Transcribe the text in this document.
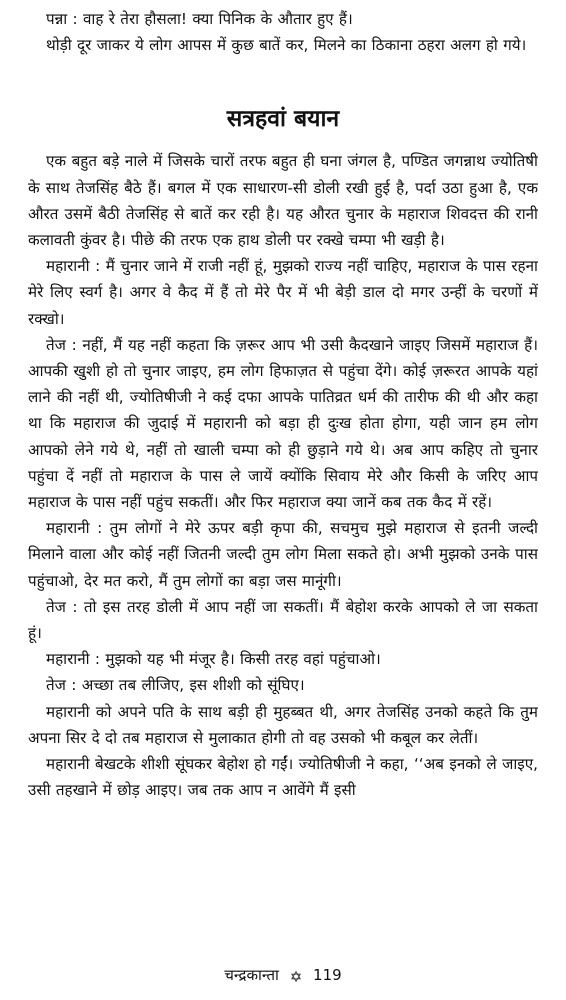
पन्ना : वाह रे तेरा हौसला! क्या पिनिक के औतार हुए हैं।

थोड़ी दूर जाकर ये लोग आपस में कुछ बातें कर, मिलने का ठिकाना ठहरा अलग हो गये।

सत्रहवां बयान

एक बहुत बड़े नाले में जिसके चारों तरफ बहुत ही घना जंगल है, पण्डित जगन्नाथ ज्योतिषी के साथ तेजसिंह बैठे हैं। बगल में एक साधारण-सी डोली रखी हुई है, पर्दा उठा हुआ है, एक औरत उसमें बैठी तेजसिंह से बातें कर रही है। यह औरत चुनार के महाराज शिवदत्त की रानी कलावती कुंवर है। पीछे की तरफ एक हाथ डोली पर रक्खे चम्पा भी खड़ी है।

महारानी : मैं चुनार जाने में राजी नहीं हूं, मुझको राज्य नहीं चाहिए, महाराज के पास रहना मेरे लिए स्वर्ग है। अगर वे कैद में हैं तो मेरे पैर में भी बेड़ी डाल दो मगर उन्हीं के चरणों में रक्खो।

तेज : नहीं, मैं यह नहीं कहता कि ज़रूर आप भी उसी कैदखाने जाइए जिसमें महाराज हैं। आपकी खुशी हो तो चुनार जाइए, हम लोग हिफाज़त से पहुंचा देंगे। कोई ज़रूरत आपके यहां लाने की नहीं थी, ज्योतिषीजी ने कई दफा आपके पातिव्रत धर्म की तारीफ की थी और कहा था कि महाराज की जुदाई में महारानी को बड़ा ही दुःख होता होगा, यही जान हम लोग आपको लेने गये थे, नहीं तो खाली चम्पा को ही छुड़ाने गये थे। अब आप कहिए तो चुनार पहुंचा दें नहीं तो महाराज के पास ले जायें क्योंकि सिवाय मेरे और किसी के जरिए आप महाराज के पास नहीं पहुंच सकतीं। और फिर महाराज क्या जानें कब तक कैद में रहें।

महारानी : तुम लोगों ने मेरे ऊपर बड़ी कृपा की, सचमुच मुझे महाराज से इतनी जल्दी मिलाने वाला और कोई नहीं जितनी जल्दी तुम लोग मिला सकते हो। अभी मुझको उनके पास पहुंचाओ, देर मत करो, मैं तुम लोगों का बड़ा जस मानूंगी।

तेज : तो इस तरह डोली में आप नहीं जा सकतीं। मैं बेहोश करके आपको ले जा सकता हूं।

महारानी : मुझको यह भी मंजूर है। किसी तरह वहां पहुंचाओ।

तेज : अच्छा तब लीजिए, इस शीशी को सूंघिए।

महारानी को अपने पति के साथ बड़ी ही मुहब्बत थी, अगर तेजसिंह उनको कहते कि तुम अपना सिर दे दो तब महाराज से मुलाकात होगी तो वह उसको भी कबूल कर लेतीं।

महारानी बेखटके शीशी सूंघकर बेहोश हो गईं। ज्योतिषीजी ने कहा, ‘‘अब इनको ले जाइए, उसी तहखाने में छोड़ आइए। जब तक आप न आवेंगे मैं इसी

चन्द्रकान्ता ✡ 119
